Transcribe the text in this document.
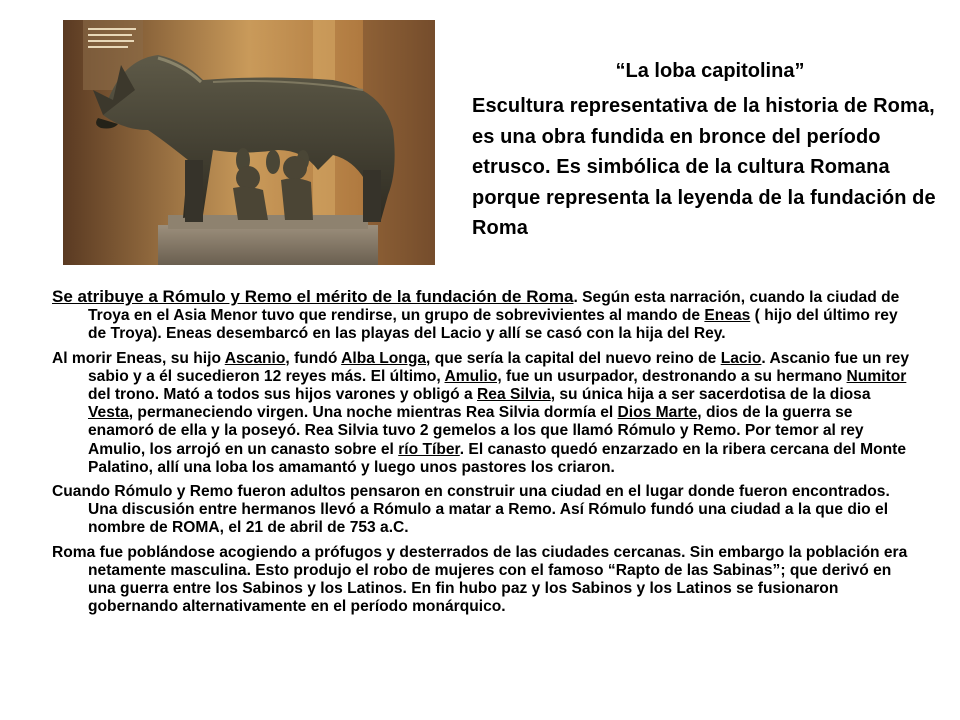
“La loba capitolina”

Escultura representativa de la historia de Roma, es una obra fundida en bronce del período etrusco. Es simbólica de la cultura Romana porque representa la leyenda de la fundación de Roma

Se atribuye a Rómulo y Remo el mérito de la fundación de Roma. Según esta narración, cuando la ciudad de Troya en el Asia Menor tuvo que rendirse, un grupo de sobrevivientes al mando de Eneas ( hijo del último rey de Troya). Eneas desembarcó en las playas del Lacio y allí se casó con la hija del Rey.

Al morir Eneas, su hijo Ascanio, fundó Alba Longa, que sería la capital del nuevo reino de Lacio. Ascanio fue un rey sabio y a él sucedieron 12 reyes más. El último, Amulio, fue un usurpador, destronando a su hermano Numitor del trono. Mató a todos sus hijos varones y obligó a Rea Silvia, su única hija a ser sacerdotisa de la diosa Vesta, permaneciendo virgen. Una noche mientras Rea Silvia dormía el Dios Marte, dios de la guerra se enamoró de ella y la poseyó. Rea Silvia tuvo 2 gemelos a los que llamó Rómulo y Remo. Por temor al rey Amulio, los arrojó en un canasto sobre el río Tíber. El canasto quedó enzarzado en la ribera cercana del Monte Palatino, allí una loba los amamantó y luego unos pastores los criaron.

Cuando Rómulo y Remo fueron adultos pensaron en construir una ciudad en el lugar donde fueron encontrados. Una discusión entre hermanos llevó a Rómulo a matar a Remo. Así Rómulo fundó una ciudad a la que dio el nombre de ROMA, el 21 de abril de 753 a.C.

Roma fue poblándose acogiendo a prófugos y desterrados de las ciudades cercanas. Sin embargo la población era netamente masculina. Esto produjo el robo de mujeres con el famoso “Rapto de las Sabinas”; que derivó en una guerra entre los Sabinos y los Latinos. En fin hubo paz y los Sabinos y los Latinos se fusionaron gobernando alternativamente en el período monárquico.
